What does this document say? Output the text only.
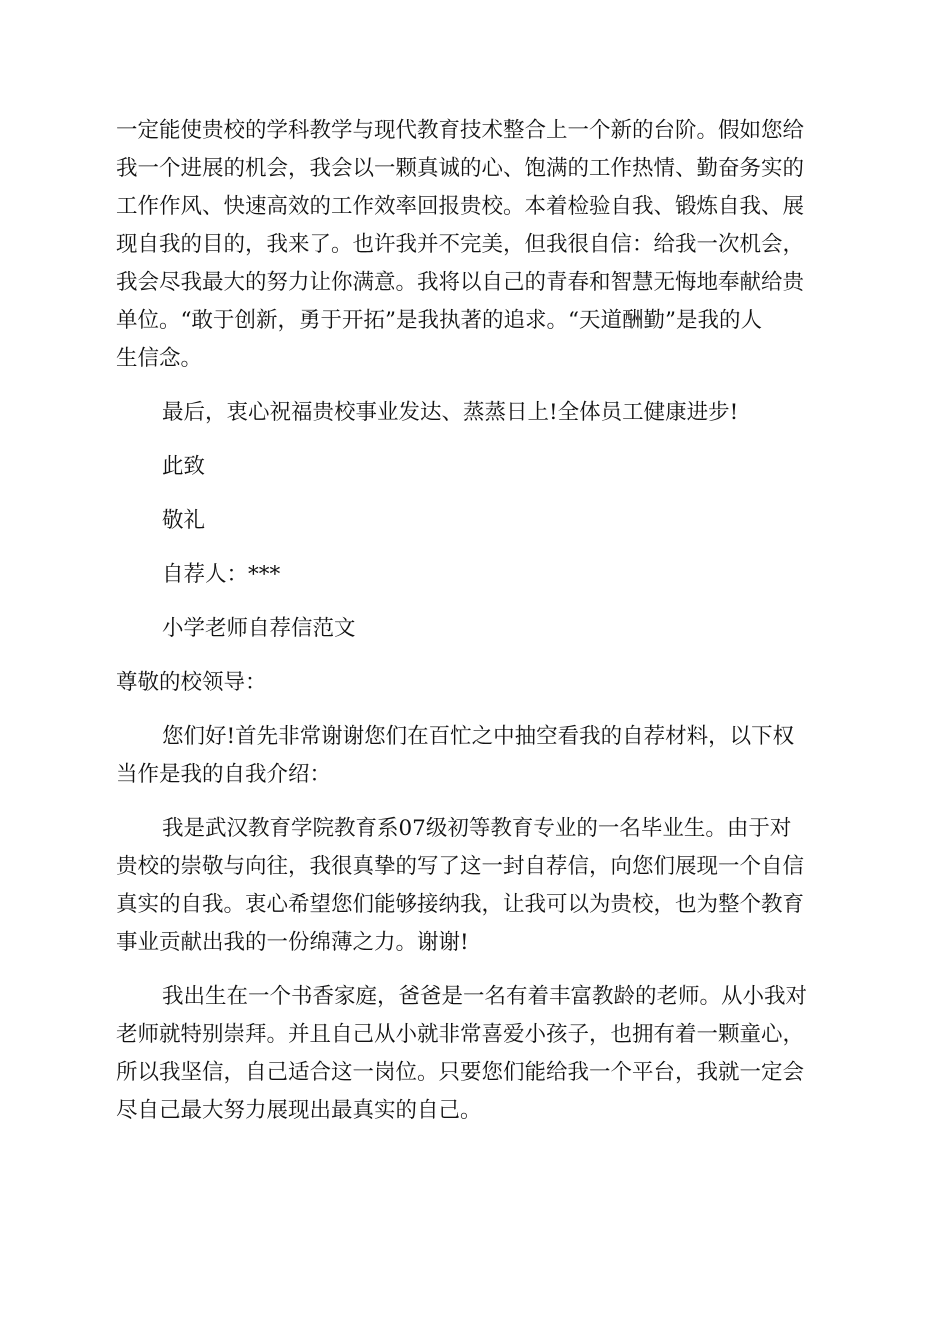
一定能使贵校的学科教学与现代教育技术整合上一个新的台阶。假如您给
我一个进展的机会，我会以一颗真诚的心、饱满的工作热情、勤奋务实的
工作作风、快速高效的工作效率回报贵校。本着检验自我、锻炼自我、展
现自我的目的，我来了。也许我并不完美，但我很自信：给我一次机会，
我会尽我最大的努力让你满意。我将以自己的青春和智慧无悔地奉献给贵
单位。“敢于创新，勇于开拓”是我执著的追求。“天道酬勤”是我的人
生信念。

最后，衷心祝福贵校事业发达、蒸蒸日上!全体员工健康进步!

此致

敬礼

自荐人：***

小学老师自荐信范文

尊敬的校领导：

您们好!首先非常谢谢您们在百忙之中抽空看我的自荐材料，以下权
当作是我的自我介绍：

我是武汉教育学院教育系07级初等教育专业的一名毕业生。由于对
贵校的崇敬与向往，我很真挚的写了这一封自荐信，向您们展现一个自信
真实的自我。衷心希望您们能够接纳我，让我可以为贵校，也为整个教育
事业贡献出我的一份绵薄之力。谢谢!

我出生在一个书香家庭，爸爸是一名有着丰富教龄的老师。从小我对
老师就特别崇拜。并且自己从小就非常喜爱小孩子，也拥有着一颗童心，
所以我坚信，自己适合这一岗位。只要您们能给我一个平台，我就一定会
尽自己最大努力展现出最真实的自己。
